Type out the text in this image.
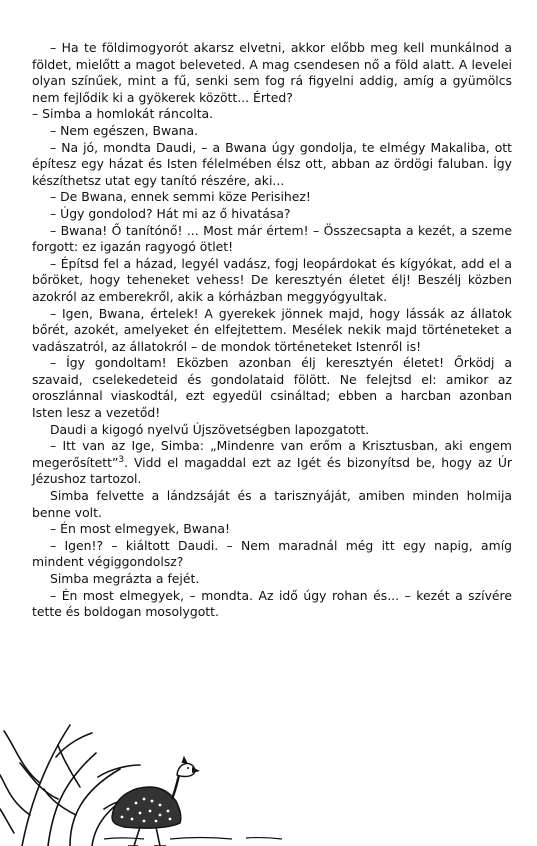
– Ha te földimogyorót akarsz elvetni, akkor előbb meg kell munkálnod a földet, mielőtt a magot beleveted. A mag csendesen nő a föld alatt. A levelei olyan színűek, mint a fű, senki sem fog rá figyelni addig, amíg a gyümölcs nem fejlődik ki a gyökerek között... Érted?

– Simba a homlokát ráncolta.

– Nem egészen, Bwana.

– Na jó, mondta Daudi, – a Bwana úgy gondolja, te elmégy Makaliba, ott építesz egy házat és Isten félelmében élsz ott, abban az ördögi faluban. Így készíthetsz utat egy tanító részére, aki...

– De Bwana, ennek semmi köze Perisihez!

– Úgy gondolod? Hát mi az ő hivatása?

– Bwana! Ő tanítónő! ... Most már értem! – Összecsapta a kezét, a szeme forgott: ez igazán ragyogó ötlet!

– Építsd fel a házad, legyél vadász, fogj leopárdokat és kígyókat, add el a bőröket, hogy teheneket vehess! De keresztyén életet élj! Beszélj közben azokról az emberekről, akik a kórházban meggyógyultak.

– Igen, Bwana, értelek! A gyerekek jönnek majd, hogy lássák az állatok bőrét, azokét, amelyeket én elfejtettem. Mesélek nekik majd történeteket a vadászatról, az állatokról – de mondok történeteket Istenről is!

– Így gondoltam! Eközben azonban élj keresztyén életet! Őrködj a szavaid, cselekedeteid és gondolataid fölött. Ne felejtsd el: amikor az oroszlánnal viaskodtál, ezt egyedül csináltad; ebben a harcban azonban Isten lesz a vezetőd!

Daudi a kigogó nyelvű Újszövetségben lapozgatott.

– Itt van az Ige, Simba: „Mindenre van erőm a Krisztusban, aki engem megerősített”$^3$. Vidd el magaddal ezt az Igét és bizonyítsd be, hogy az Úr Jézushoz tartozol.

Simba felvette a lándzsáját és a tarisznyáját, amiben minden holmija benne volt.

– Én most elmegyek, Bwana!

– Igen!? – kiáltott Daudi. – Nem maradnál még itt egy napig, amíg mindent végiggondolsz?

Simba megrázta a fejét.

– Én most elmegyek, – mondta. Az idő úgy rohan és... – kezét a szívére tette és boldogan mosolygott.
